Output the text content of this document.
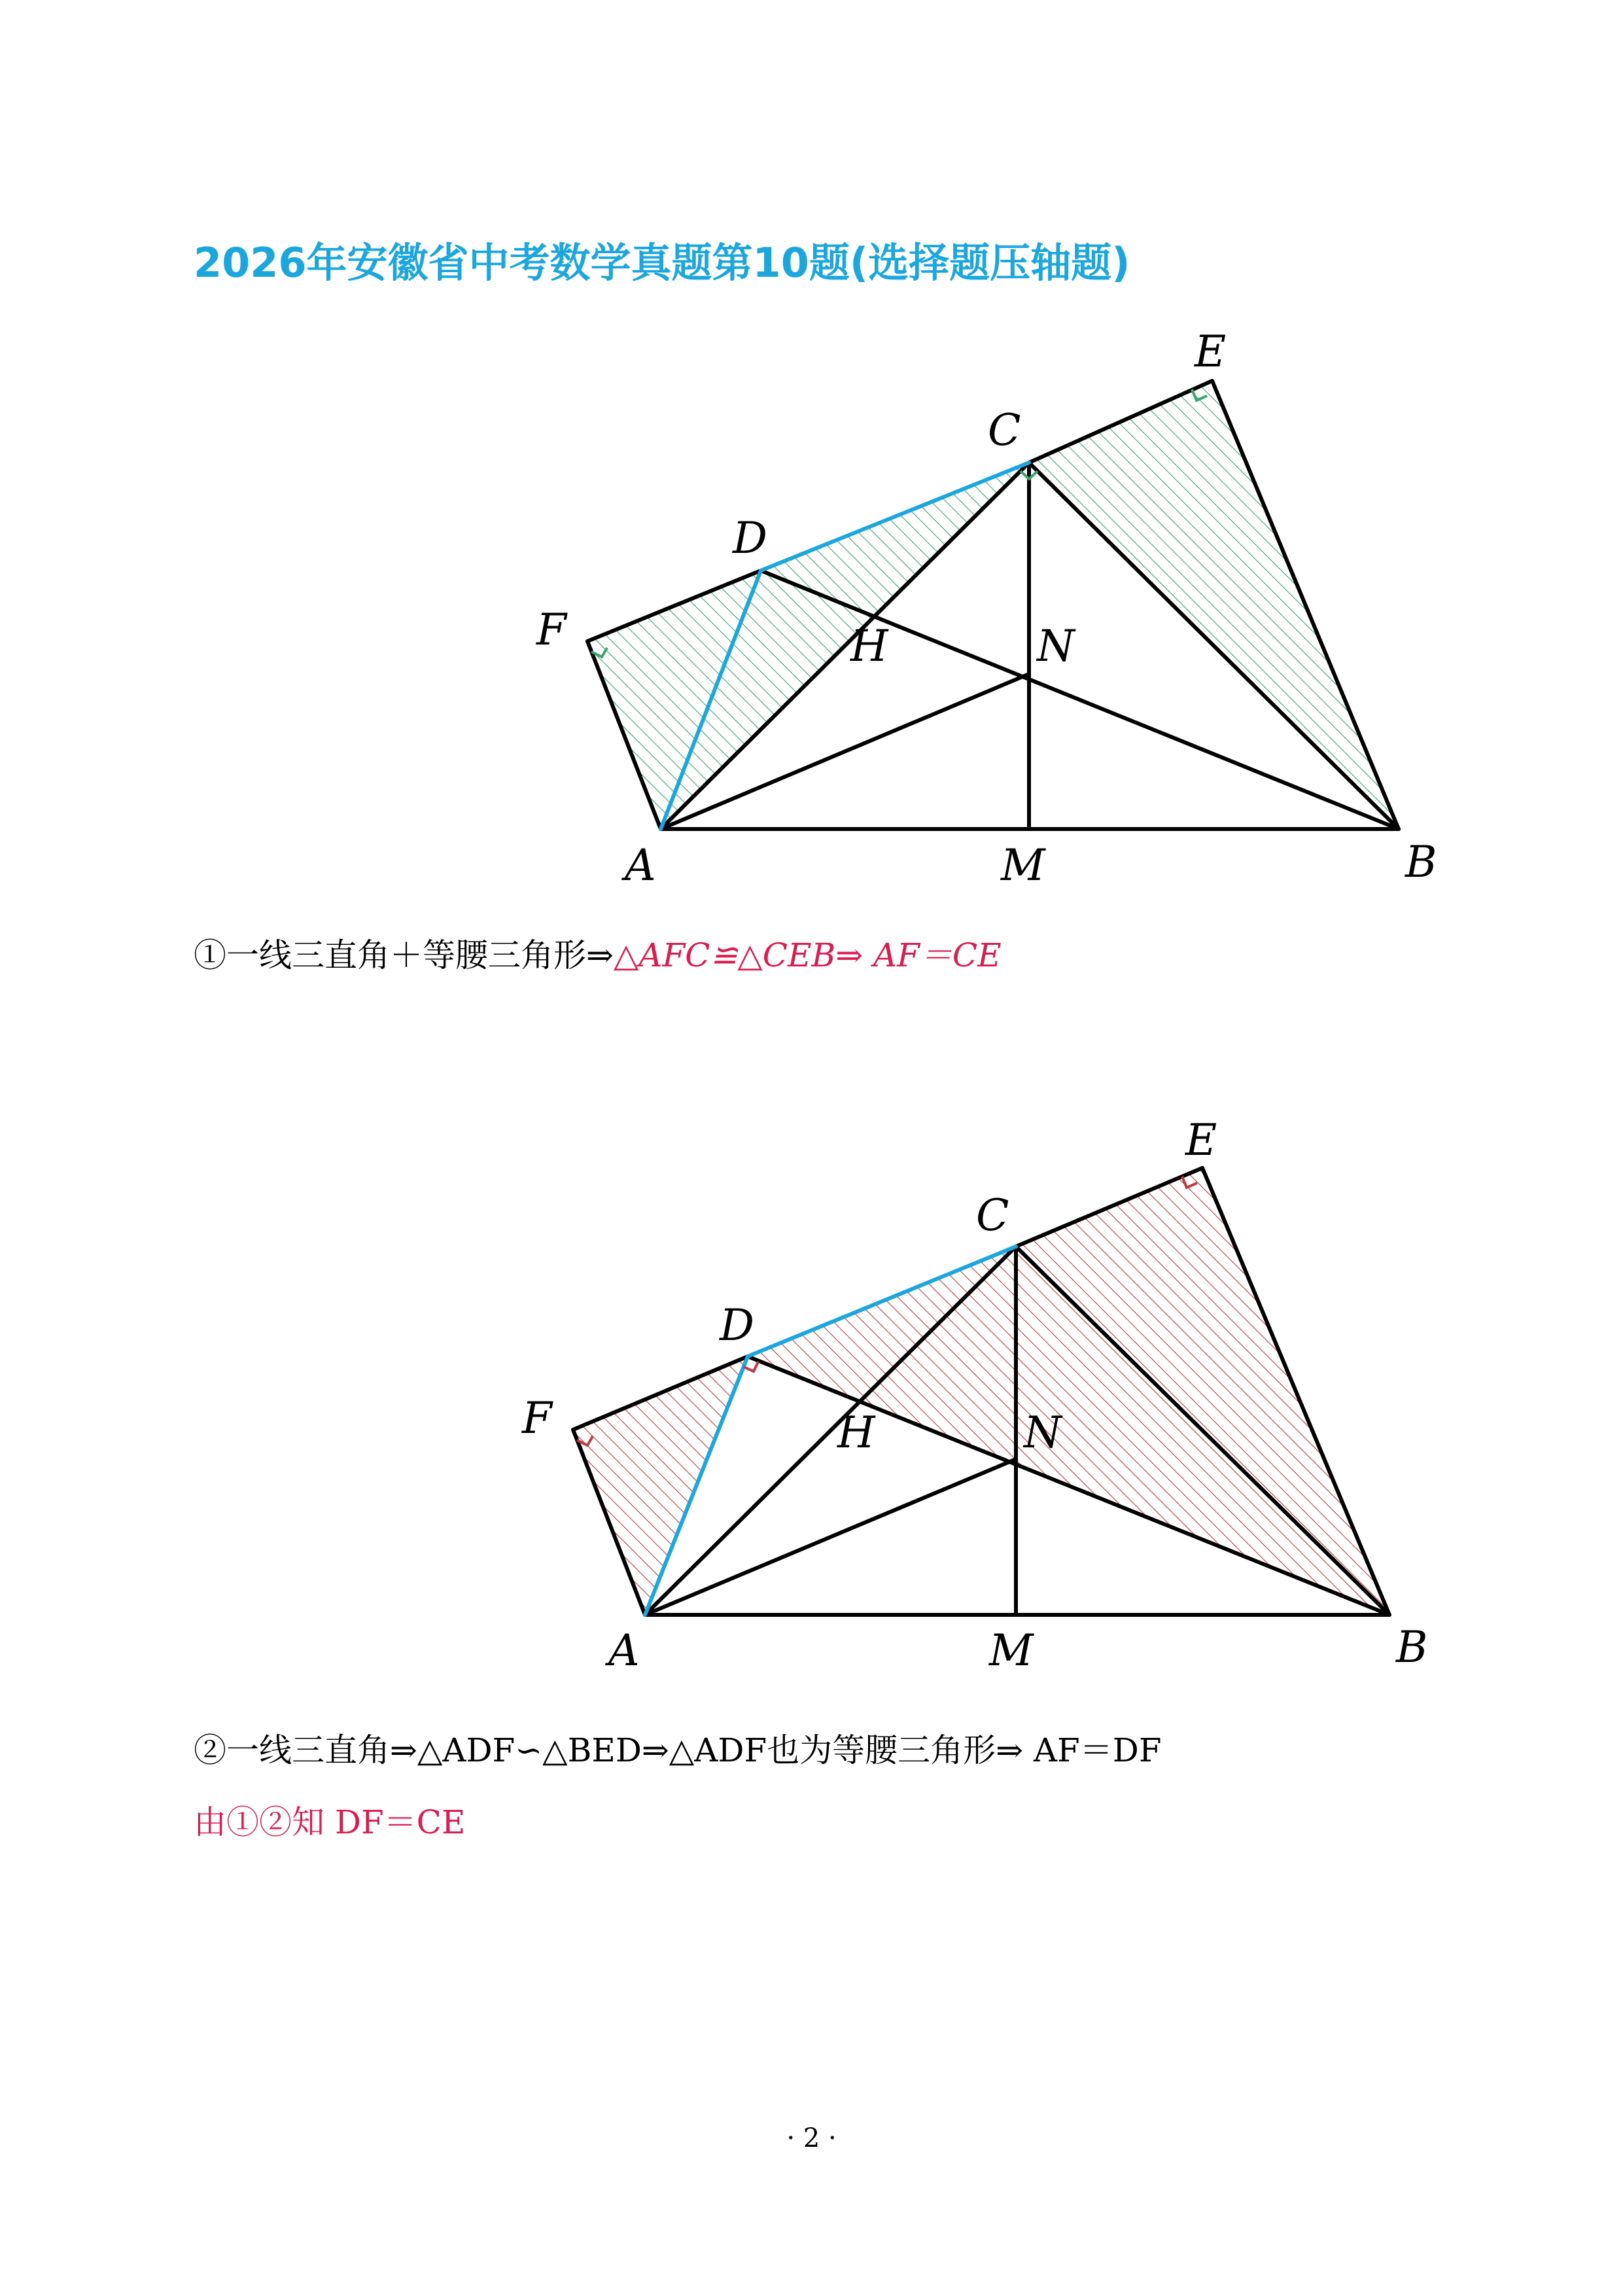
2026年安徽省中考数学真题第10题(选择题压轴题)
E
C
D
F	H	N
A	M	B
①一线三直角＋等腰三角形⇒△AFC≌△CEB⇒ AF＝CE
E
C
D
F	H	N
A	M	B
②一线三直角⇒△ADF∽△BED⇒△ADF也为等腰三角形⇒ AF＝DF
由①②知 DF＝CE
· 2 ·
